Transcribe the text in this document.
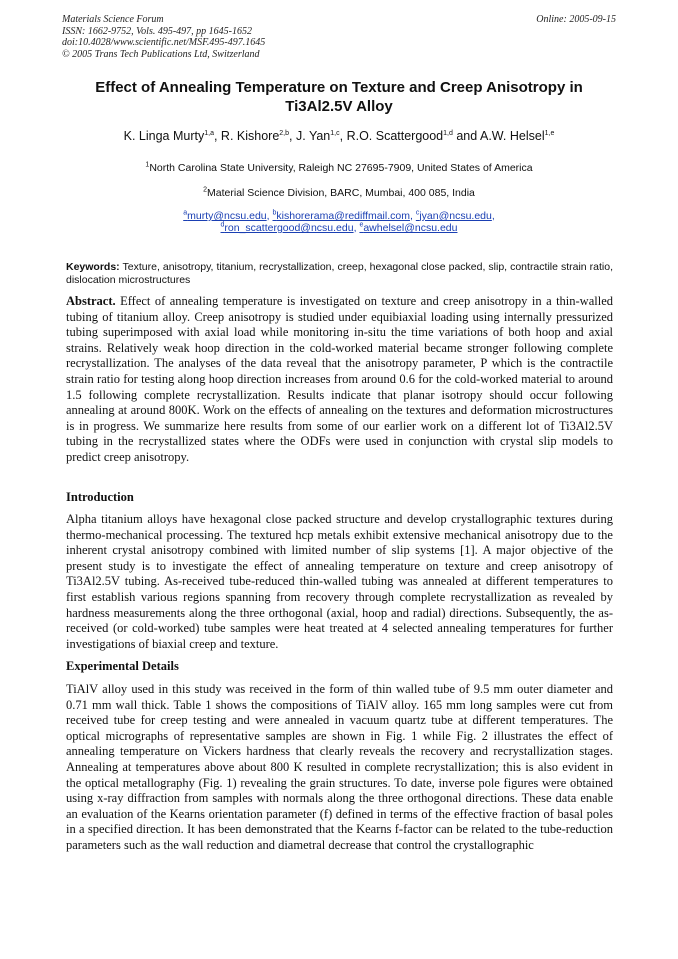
Materials Science Forum
ISSN: 1662-9752, Vols. 495-497, pp 1645-1652
doi:10.4028/www.scientific.net/MSF.495-497.1645
© 2005 Trans Tech Publications Ltd, Switzerland
Online: 2005-09-15
Effect of Annealing Temperature on Texture and Creep Anisotropy in Ti3Al2.5V Alloy
K. Linga Murty$^{1,a}$, R. Kishore$^{2,b}$, J. Yan$^{1,c}$, R.O. Scattergood$^{1,d}$ and A.W. Helsel$^{1,e}$
$^1$North Carolina State University, Raleigh NC 27695-7909, United States of America
$^2$Material Science Division, BARC, Mumbai, 400 085, India
$^a$murty@ncsu.edu, $^b$kishorerama@rediffmail.com, $^c$jyan@ncsu.edu,
$^d$ron_scattergood@ncsu.edu, $^e$awhelsel@ncsu.edu
Keywords: Texture, anisotropy, titanium, recrystallization, creep, hexagonal close packed, slip, contractile strain ratio, dislocation microstructures
Abstract. Effect of annealing temperature is investigated on texture and creep anisotropy in a thin-walled tubing of titanium alloy. Creep anisotropy is studied under equibiaxial loading using internally pressurized tubing superimposed with axial load while monitoring in-situ the time variations of both hoop and axial strains. Relatively weak hoop direction in the cold-worked material became stronger following complete recrystallization. The analyses of the data reveal that the anisotropy parameter, P which is the contractile strain ratio for testing along hoop direction increases from around 0.6 for the cold-worked material to around 1.5 following complete recrystallization. Results indicate that planar isotropy should occur following annealing at around 800K. Work on the effects of annealing on the textures and deformation microstructures is in progress. We summarize here results from some of our earlier work on a different lot of Ti3Al2.5V tubing in the recrystallized states where the ODFs were used in conjunction with crystal slip models to predict creep anisotropy.
Introduction
Alpha titanium alloys have hexagonal close packed structure and develop crystallographic textures during thermo-mechanical processing. The textured hcp metals exhibit extensive mechanical anisotropy due to the inherent crystal anisotropy combined with limited number of slip systems [1]. A major objective of the present study is to investigate the effect of annealing temperature on texture and creep anisotropy of Ti3Al2.5V tubing. As-received tube-reduced thin-walled tubing was annealed at different temperatures to first establish various regions spanning from recovery through complete recrystallization as revealed by hardness measurements along the three orthogonal (axial, hoop and radial) directions. Subsequently, the as-received (or cold-worked) tube samples were heat treated at 4 selected annealing temperatures for further investigations of biaxial creep and texture.
Experimental Details
TiAlV alloy used in this study was received in the form of thin walled tube of 9.5 mm outer diameter and 0.71 mm wall thick. Table 1 shows the compositions of TiAlV alloy. 165 mm long samples were cut from received tube for creep testing and were annealed in vacuum quartz tube at different temperatures. The optical micrographs of representative samples are shown in Fig. 1 while Fig. 2 illustrates the effect of annealing temperature on Vickers hardness that clearly reveals the recovery and recrystallization stages. Annealing at temperatures above about 800 K resulted in complete recrystallization; this is also evident in the optical metallography (Fig. 1) revealing the grain structures. To date, inverse pole figures were obtained using x-ray diffraction from samples with normals along the three orthogonal directions. These data enable an evaluation of the Kearns orientation parameter (f) defined in terms of the effective fraction of basal poles in a specified direction. It has been demonstrated that the Kearns f-factor can be related to the tube-reduction parameters such as the wall reduction and diametral decrease that control the crystallographic
